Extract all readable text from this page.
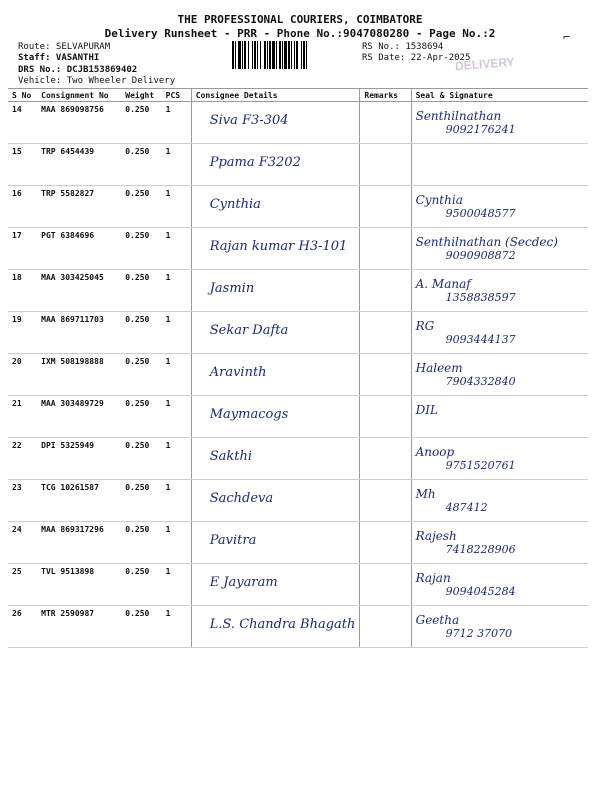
THE PROFESSIONAL COURIERS, COIMBATORE
Delivery Runsheet - PRR - Phone No.:9047080280 - Page No.:2
Route: SELVAPURAM
Staff: VASANTHI
DRS No.: DCJB153869402
Vehicle: Two Wheeler Delivery
RS No.: 1538694
RS Date: 22-Apr-2025
DELIVERY
⌐
S No	Consignment No	Weight	PCS	Consignee Details	Remarks	Seal & Signature
14	MAA 869098756	0.250	1	Siva F3-304		Senthilnathan
9092176241

15	TRP 6454439	0.250	1	Ppama F3202		

16	TRP 5582827	0.250	1	Cynthia		Cynthia
9500048577

17	PGT 6384696	0.250	1	Rajan kumar H3-101		Senthilnathan (Secdec)
9090908872

18	MAA 303425045	0.250	1	Jasmin		A. Manaf
1358838597

19	MAA 869711703	0.250	1	Sekar Dafta		RG
9093444137

20	IXM 508198888	0.250	1	Aravinth		Haleem
7904332840

21	MAA 303489729	0.250	1	Maymacogs		DIL

22	DPI 5325949	0.250	1	Sakthi		Anoop
9751520761

23	TCG 10261587	0.250	1	Sachdeva		Mh
487412

24	MAA 869317296	0.250	1	Pavitra		Rajesh
7418228906

25	TVL 9513898	0.250	1	E Jayaram		Rajan
9094045284

26	MTR 2590987	0.250	1	L.S. Chandra Bhagath		Geetha
9712 37070
